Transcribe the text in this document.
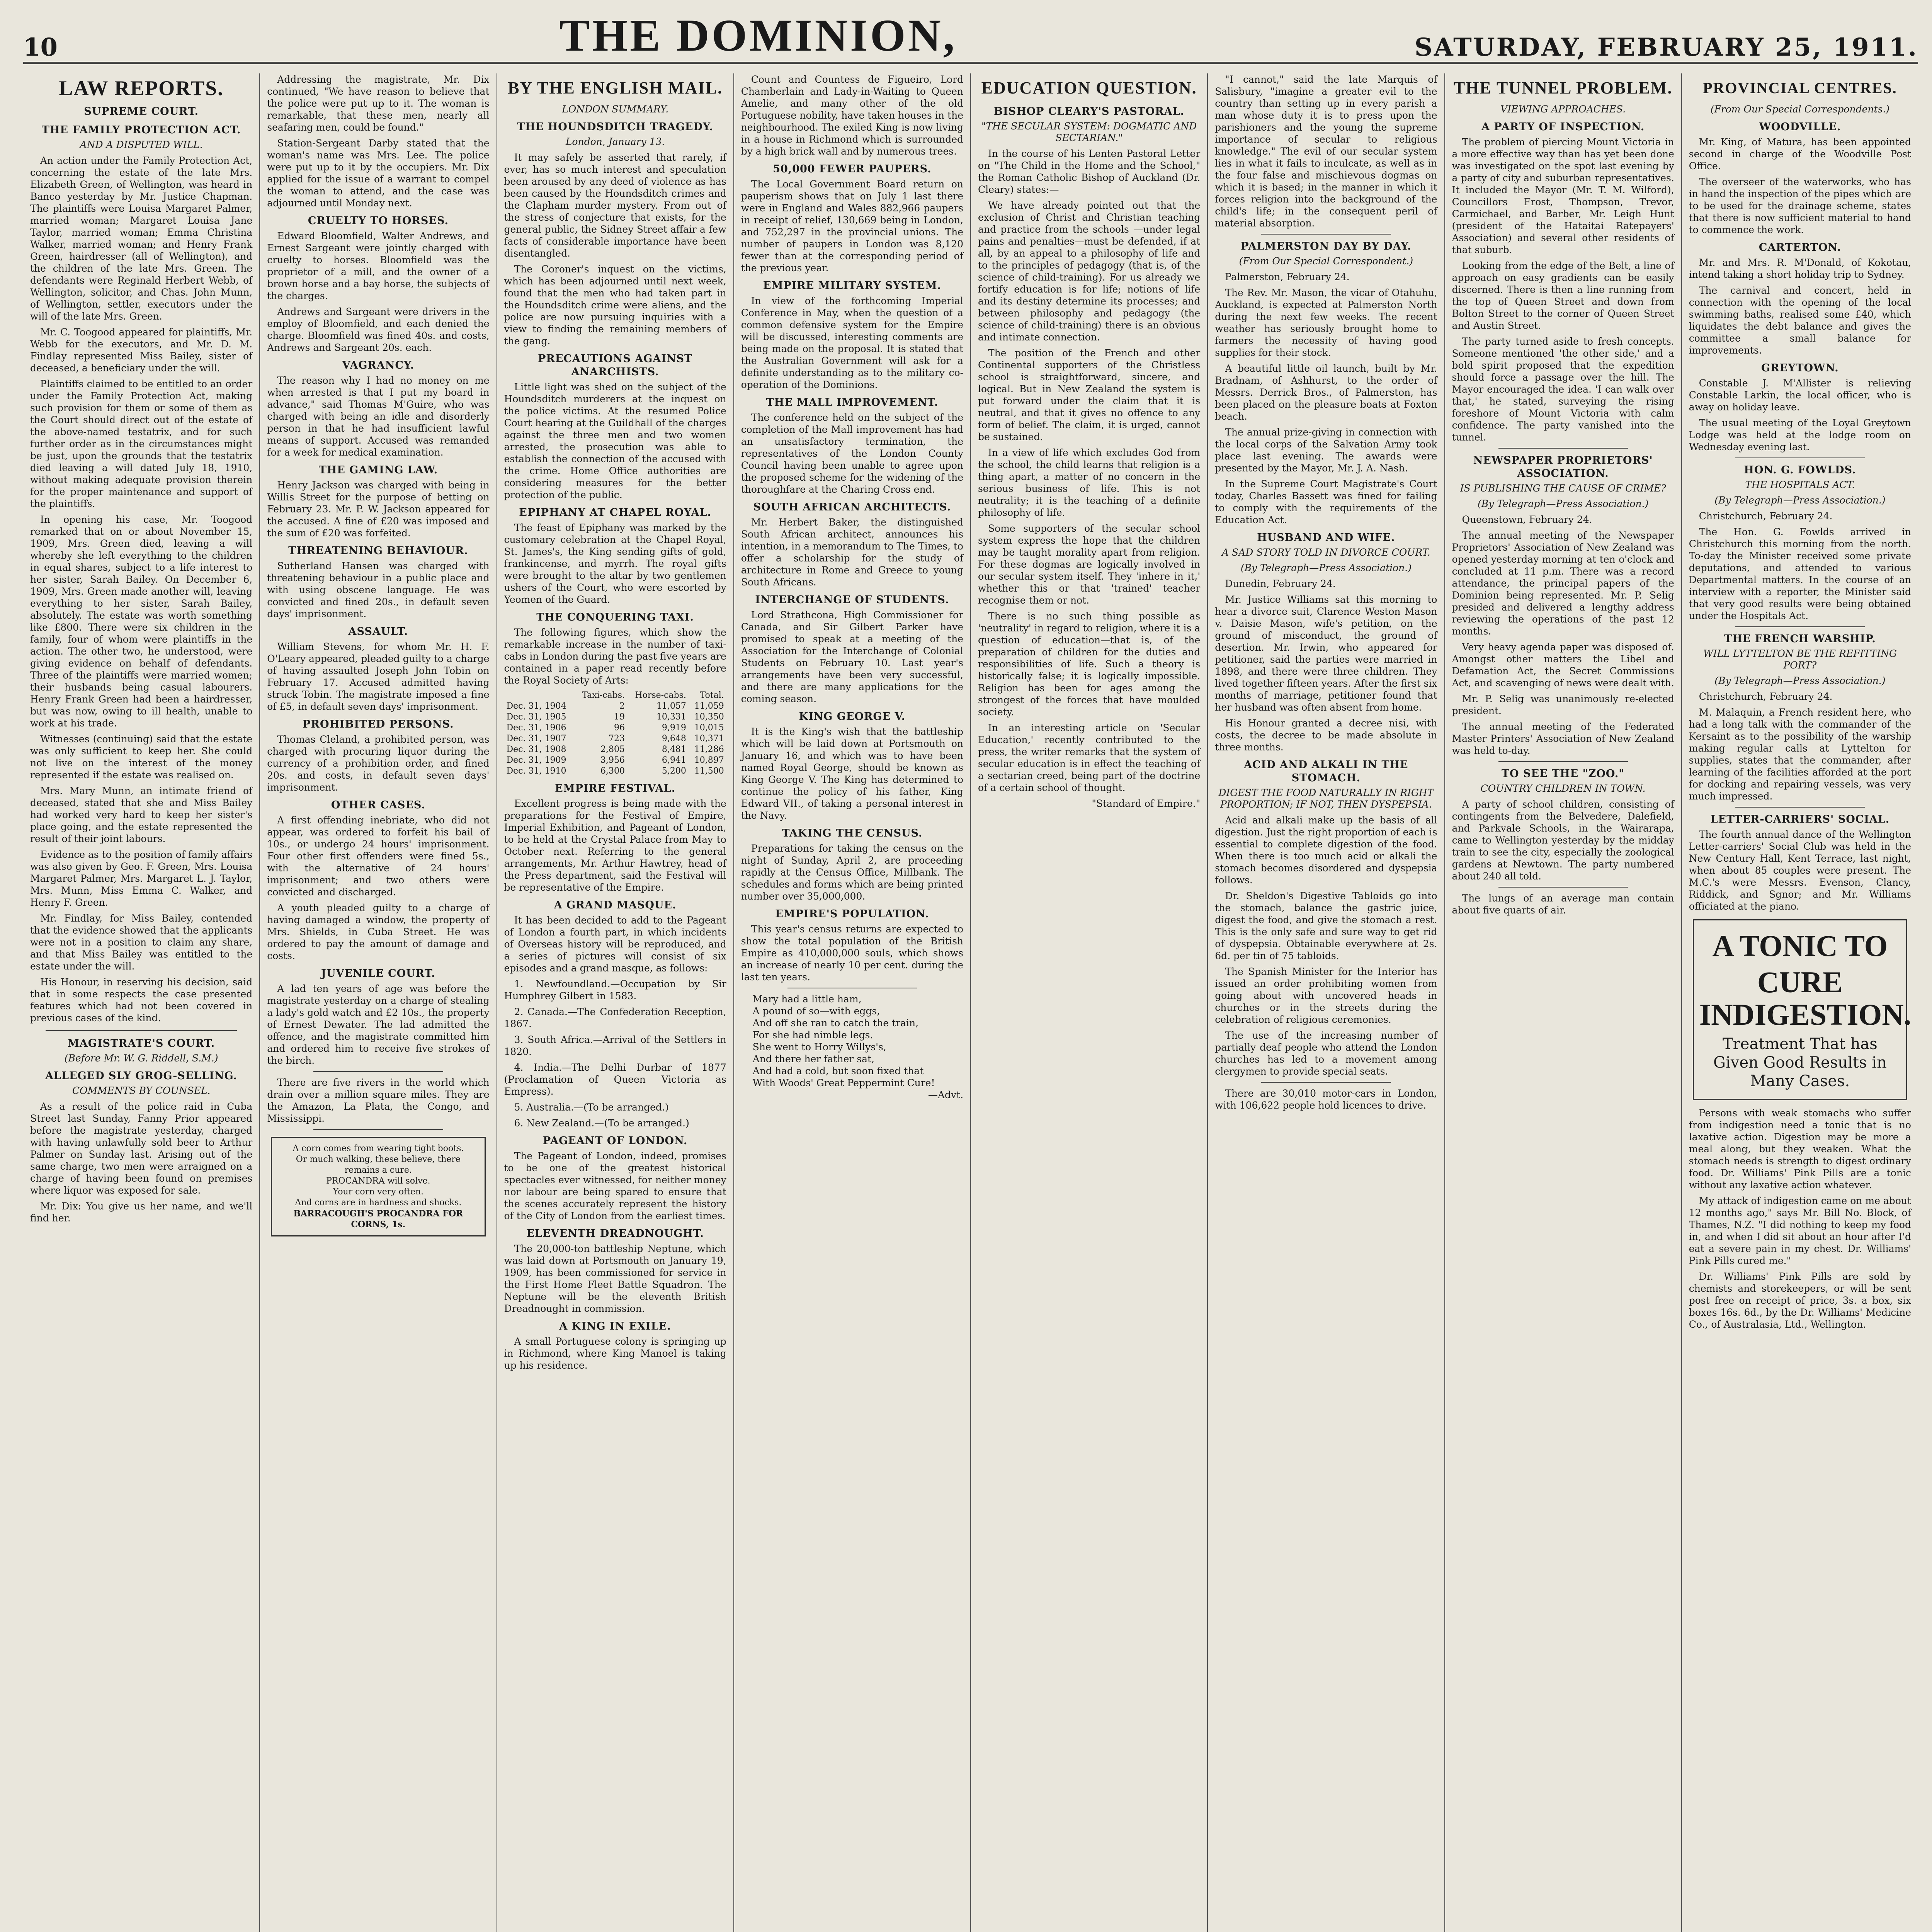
10	THE DOMINION,	SATURDAY, FEBRUARY 25, 1911.
LAW REPORTS.
SUPREME COURT.
THE FAMILY PROTECTION ACT.
AND A DISPUTED WILL.

An action under the Family Protection Act, concerning the estate of the late Mrs. Elizabeth Green, of Wellington, was heard in Banco yesterday by Mr. Justice Chapman. The plaintiffs were Louisa Margaret Palmer, married woman; Margaret Louisa Jane Taylor, married woman; Emma Christina Walker, married woman; and Henry Frank Green, hairdresser (all of Wellington), and the children of the late Mrs. Green. The defendants were Reginald Herbert Webb, of Wellington, solicitor, and Chas. John Munn, of Wellington, settler, executors under the will of the late Mrs. Green.

Mr. C. Toogood appeared for plaintiffs, Mr. Webb for the executors, and Mr. D. M. Findlay represented Miss Bailey, sister of deceased, a beneficiary under the will.

Plaintiffs claimed to be entitled to an order under the Family Protection Act, making such provision for them or some of them as the Court should direct out of the estate of the above-named testatrix, and for such further order as in the circumstances might be just, upon the grounds that the testatrix died leaving a will dated July 18, 1910, without making adequate provision therein for the proper maintenance and support of the plaintiffs.

In opening his case, Mr. Toogood remarked that on or about November 15, 1909, Mrs. Green died, leaving a will whereby she left everything to the children in equal shares, subject to a life interest to her sister, Sarah Bailey. On December 6, 1909, Mrs. Green made another will, leaving everything to her sister, Sarah Bailey, absolutely. The estate was worth something like £800. There were six children in the family, four of whom were plaintiffs in the action. The other two, he understood, were giving evidence on behalf of defendants. Three of the plaintiffs were married women; their husbands being casual labourers. Henry Frank Green had been a hairdresser, but was now, owing to ill health, unable to work at his trade.

Witnesses (continuing) said that the estate was only sufficient to keep her. She could not live on the interest of the money represented if the estate was realised on.

Mrs. Mary Munn, an intimate friend of deceased, stated that she and Miss Bailey had worked very hard to keep her sister's place going, and the estate represented the result of their joint labours.

Evidence as to the position of family affairs was also given by Geo. F. Green, Mrs. Louisa Margaret Palmer, Mrs. Margaret L. J. Taylor, Mrs. Munn, Miss Emma C. Walker, and Henry F. Green.

Mr. Findlay, for Miss Bailey, contended that the evidence showed that the applicants were not in a position to claim any share, and that Miss Bailey was entitled to the estate under the will.

His Honour, in reserving his decision, said that in some respects the case presented features which had not been covered in previous cases of the kind.

MAGISTRATE'S COURT.
(Before Mr. W. G. Riddell, S.M.)
ALLEGED SLY GROG-SELLING.
COMMENTS BY COUNSEL.

As a result of the police raid in Cuba Street last Sunday, Fanny Prior appeared before the magistrate yesterday, charged with having unlawfully sold beer to Arthur Palmer on Sunday last. Arising out of the same charge, two men were arraigned on a charge of having been found on premises where liquor was exposed for sale.

Mr. Dix: You give us her name, and we'll find her.

Addressing the magistrate, Mr. Dix continued, "We have reason to believe that the police were put up to it. The woman is remarkable, that these men, nearly all seafaring men, could be found."

Station-Sergeant Darby stated that the woman's name was Mrs. Lee. The police were put up to it by the occupiers. Mr. Dix applied for the issue of a warrant to compel the woman to attend, and the case was adjourned until Monday next.

CRUELTY TO HORSES.

Edward Bloomfield, Walter Andrews, and Ernest Sargeant were jointly charged with cruelty to horses. Bloomfield was the proprietor of a mill, and the owner of a brown horse and a bay horse, the subjects of the charges.

Andrews and Sargeant were drivers in the employ of Bloomfield, and each denied the charge. Bloomfield was fined 40s. and costs, Andrews and Sargeant 20s. each.

VAGRANCY.

The reason why I had no money on me when arrested is that I put my board in advance," said Thomas M'Guire, who was charged with being an idle and disorderly person in that he had insufficient lawful means of support. Accused was remanded for a week for medical examination.

THE GAMING LAW.

Henry Jackson was charged with being in Willis Street for the purpose of betting on February 23. Mr. P. W. Jackson appeared for the accused. A fine of £20 was imposed and the sum of £20 was forfeited.

THREATENING BEHAVIOUR.

Sutherland Hansen was charged with threatening behaviour in a public place and with using obscene language. He was convicted and fined 20s., in default seven days' imprisonment.

ASSAULT.

William Stevens, for whom Mr. H. F. O'Leary appeared, pleaded guilty to a charge of having assaulted Joseph John Tobin on February 17. Accused admitted having struck Tobin. The magistrate imposed a fine of £5, in default seven days' imprisonment.

PROHIBITED PERSONS.

Thomas Cleland, a prohibited person, was charged with procuring liquor during the currency of a prohibition order, and fined 20s. and costs, in default seven days' imprisonment.

OTHER CASES.

A first offending inebriate, who did not appear, was ordered to forfeit his bail of 10s., or undergo 24 hours' imprisonment. Four other first offenders were fined 5s., with the alternative of 24 hours' imprisonment; and two others were convicted and discharged.

A youth pleaded guilty to a charge of having damaged a window, the property of Mrs. Shields, in Cuba Street. He was ordered to pay the amount of damage and costs.

JUVENILE COURT.

A lad ten years of age was before the magistrate yesterday on a charge of stealing a lady's gold watch and £2 10s., the property of Ernest Dewater. The lad admitted the offence, and the magistrate committed him and ordered him to receive five strokes of the birch.

There are five rivers in the world which drain over a million square miles. They are the Amazon, La Plata, the Congo, and Mississippi.

A corn comes from wearing tight boots.
Or much walking, these believe, there remains a cure.
PROCANDRA will solve.
Your corn very often.
And corns are in hardness and shocks.
BARRACOUGH'S PROCANDRA FOR CORNS, 1s.
BY THE ENGLISH MAIL.
LONDON SUMMARY.
THE HOUNDSDITCH TRAGEDY.
London, January 13.

It may safely be asserted that rarely, if ever, has so much interest and speculation been aroused by any deed of violence as has been caused by the Houndsditch crimes and the Clapham murder mystery. From out of the stress of conjecture that exists, for the general public, the Sidney Street affair a few facts of considerable importance have been disentangled.

The Coroner's inquest on the victims, which has been adjourned until next week, found that the men who had taken part in the Houndsditch crime were aliens, and the police are now pursuing inquiries with a view to finding the remaining members of the gang.

PRECAUTIONS AGAINST ANARCHISTS.

Little light was shed on the subject of the Houndsditch murderers at the inquest on the police victims. At the resumed Police Court hearing at the Guildhall of the charges against the three men and two women arrested, the prosecution was able to establish the connection of the accused with the crime. Home Office authorities are considering measures for the better protection of the public.

EPIPHANY AT CHAPEL ROYAL.

The feast of Epiphany was marked by the customary celebration at the Chapel Royal, St. James's, the King sending gifts of gold, frankincense, and myrrh. The royal gifts were brought to the altar by two gentlemen ushers of the Court, who were escorted by Yeomen of the Guard.

THE CONQUERING TAXI.

The following figures, which show the remarkable increase in the number of taxi-cabs in London during the past five years are contained in a paper read recently before the Royal Society of Arts:

	Taxi-cabs.	Horse-cabs.	Total.
Dec. 31, 1904	2	11,057	11,059
Dec. 31, 1905	19	10,331	10,350
Dec. 31, 1906	96	9,919	10,015
Dec. 31, 1907	723	9,648	10,371
Dec. 31, 1908	2,805	8,481	11,286
Dec. 31, 1909	3,956	6,941	10,897
Dec. 31, 1910	6,300	5,200	11,500
EMPIRE FESTIVAL.

Excellent progress is being made with the preparations for the Festival of Empire, Imperial Exhibition, and Pageant of London, to be held at the Crystal Palace from May to October next. Referring to the general arrangements, Mr. Arthur Hawtrey, head of the Press department, said the Festival will be representative of the Empire.

A GRAND MASQUE.

It has been decided to add to the Pageant of London a fourth part, in which incidents of Overseas history will be reproduced, and a series of pictures will consist of six episodes and a grand masque, as follows:

1. Newfoundland.—Occupation by Sir Humphrey Gilbert in 1583.

2. Canada.—The Confederation Reception, 1867.

3. South Africa.—Arrival of the Settlers in 1820.

4. India.—The Delhi Durbar of 1877 (Proclamation of Queen Victoria as Empress).

5. Australia.—(To be arranged.)

6. New Zealand.—(To be arranged.)

PAGEANT OF LONDON.

The Pageant of London, indeed, promises to be one of the greatest historical spectacles ever witnessed, for neither money nor labour are being spared to ensure that the scenes accurately represent the history of the City of London from the earliest times.

ELEVENTH DREADNOUGHT.

The 20,000-ton battleship Neptune, which was laid down at Portsmouth on January 19, 1909, has been commissioned for service in the First Home Fleet Battle Squadron. The Neptune will be the eleventh British Dreadnought in commission.

A KING IN EXILE.

A small Portuguese colony is springing up in Richmond, where King Manoel is taking up his residence.

Count and Countess de Figueiro, Lord Chamberlain and Lady-in-Waiting to Queen Amelie, and many other of the old Portuguese nobility, have taken houses in the neighbourhood. The exiled King is now living in a house in Richmond which is surrounded by a high brick wall and by numerous trees.

50,000 FEWER PAUPERS.

The Local Government Board return on pauperism shows that on July 1 last there were in England and Wales 882,966 paupers in receipt of relief, 130,669 being in London, and 752,297 in the provincial unions. The number of paupers in London was 8,120 fewer than at the corresponding period of the previous year.

EMPIRE MILITARY SYSTEM.

In view of the forthcoming Imperial Conference in May, when the question of a common defensive system for the Empire will be discussed, interesting comments are being made on the proposal. It is stated that the Australian Government will ask for a definite understanding as to the military co-operation of the Dominions.

THE MALL IMPROVEMENT.

The conference held on the subject of the completion of the Mall improvement has had an unsatisfactory termination, the representatives of the London County Council having been unable to agree upon the proposed scheme for the widening of the thoroughfare at the Charing Cross end.

SOUTH AFRICAN ARCHITECTS.

Mr. Herbert Baker, the distinguished South African architect, announces his intention, in a memorandum to The Times, to offer a scholarship for the study of architecture in Rome and Greece to young South Africans.

INTERCHANGE OF STUDENTS.

Lord Strathcona, High Commissioner for Canada, and Sir Gilbert Parker have promised to speak at a meeting of the Association for the Interchange of Colonial Students on February 10. Last year's arrangements have been very successful, and there are many applications for the coming season.

KING GEORGE V.

It is the King's wish that the battleship which will be laid down at Portsmouth on January 16, and which was to have been named Royal George, should be known as King George V. The King has determined to continue the policy of his father, King Edward VII., of taking a personal interest in the Navy.

TAKING THE CENSUS.

Preparations for taking the census on the night of Sunday, April 2, are proceeding rapidly at the Census Office, Millbank. The schedules and forms which are being printed number over 35,000,000.

EMPIRE'S POPULATION.

This year's census returns are expected to show the total population of the British Empire as 410,000,000 souls, which shows an increase of nearly 10 per cent. during the last ten years.

Mary had a little ham,
A pound of so—with eggs,
And off she ran to catch the train,
For she had nimble legs.
She went to Horry Willys's,
And there her father sat,
And had a cold, but soon fixed that
With Woods' Great Peppermint Cure!
—Advt.
EDUCATION QUESTION.
BISHOP CLEARY'S PASTORAL.
"THE SECULAR SYSTEM: DOGMATIC AND SECTARIAN."

In the course of his Lenten Pastoral Letter on "The Child in the Home and the School," the Roman Catholic Bishop of Auckland (Dr. Cleary) states:—

We have already pointed out that the exclusion of Christ and Christian teaching and practice from the schools —under legal pains and penalties—must be defended, if at all, by an appeal to a philosophy of life and to the principles of pedagogy (that is, of the science of child-training). For us already we fortify education is for life; notions of life and its destiny determine its processes; and between philosophy and pedagogy (the science of child-training) there is an obvious and intimate connection.

The position of the French and other Continental supporters of the Christless school is straightforward, sincere, and logical. But in New Zealand the system is put forward under the claim that it is neutral, and that it gives no offence to any form of belief. The claim, it is urged, cannot be sustained.

In a view of life which excludes God from the school, the child learns that religion is a thing apart, a matter of no concern in the serious business of life. This is not neutrality; it is the teaching of a definite philosophy of life.

Some supporters of the secular school system express the hope that the children may be taught morality apart from religion. For these dogmas are logically involved in our secular system itself. They 'inhere in it,' whether this or that 'trained' teacher recognise them or not.

There is no such thing possible as 'neutrality' in regard to religion, where it is a question of education—that is, of the preparation of children for the duties and responsibilities of life. Such a theory is historically false; it is logically impossible. Religion has been for ages among the strongest of the forces that have moulded society.

In an interesting article on 'Secular Education,' recently contributed to the press, the writer remarks that the system of secular education is in effect the teaching of a sectarian creed, being part of the doctrine of a certain school of thought.

"Standard of Empire."

"I cannot," said the late Marquis of Salisbury, "imagine a greater evil to the country than setting up in every parish a man whose duty it is to press upon the parishioners and the young the supreme importance of secular to religious knowledge." The evil of our secular system lies in what it fails to inculcate, as well as in the four false and mischievous dogmas on which it is based; in the manner in which it forces religion into the background of the child's life; in the consequent peril of material absorption.

PALMERSTON DAY BY DAY.
(From Our Special Correspondent.)

Palmerston, February 24.

The Rev. Mr. Mason, the vicar of Otahuhu, Auckland, is expected at Palmerston North during the next few weeks. The recent weather has seriously brought home to farmers the necessity of having good supplies for their stock.

A beautiful little oil launch, built by Mr. Bradnam, of Ashhurst, to the order of Messrs. Derrick Bros., of Palmerston, has been placed on the pleasure boats at Foxton beach.

The annual prize-giving in connection with the local corps of the Salvation Army took place last evening. The awards were presented by the Mayor, Mr. J. A. Nash.

In the Supreme Court Magistrate's Court today, Charles Bassett was fined for failing to comply with the requirements of the Education Act.

HUSBAND AND WIFE.
A SAD STORY TOLD IN DIVORCE COURT.
(By Telegraph—Press Association.)

Dunedin, February 24.

Mr. Justice Williams sat this morning to hear a divorce suit, Clarence Weston Mason v. Daisie Mason, wife's petition, on the ground of misconduct, the ground of desertion. Mr. Irwin, who appeared for petitioner, said the parties were married in 1898, and there were three children. They lived together fifteen years. After the first six months of marriage, petitioner found that her husband was often absent from home.

His Honour granted a decree nisi, with costs, the decree to be made absolute in three months.

ACID AND ALKALI IN THE STOMACH.
DIGEST THE FOOD NATURALLY IN RIGHT PROPORTION; IF NOT, THEN DYSPEPSIA.

Acid and alkali make up the basis of all digestion. Just the right proportion of each is essential to complete digestion of the food. When there is too much acid or alkali the stomach becomes disordered and dyspepsia follows.

Dr. Sheldon's Digestive Tabloids go into the stomach, balance the gastric juice, digest the food, and give the stomach a rest. This is the only safe and sure way to get rid of dyspepsia. Obtainable everywhere at 2s. 6d. per tin of 75 tabloids.

The Spanish Minister for the Interior has issued an order prohibiting women from going about with uncovered heads in churches or in the streets during the celebration of religious ceremonies.

The use of the increasing number of partially deaf people who attend the London churches has led to a movement among clergymen to provide special seats.

There are 30,010 motor-cars in London, with 106,622 people hold licences to drive.

THE TUNNEL PROBLEM.
VIEWING APPROACHES.
A PARTY OF INSPECTION.

The problem of piercing Mount Victoria in a more effective way than has yet been done was investigated on the spot last evening by a party of city and suburban representatives. It included the Mayor (Mr. T. M. Wilford), Councillors Frost, Thompson, Trevor, Carmichael, and Barber, Mr. Leigh Hunt (president of the Hataitai Ratepayers' Association) and several other residents of that suburb.

Looking from the edge of the Belt, a line of approach on easy gradients can be easily discerned. There is then a line running from the top of Queen Street and down from Bolton Street to the corner of Queen Street and Austin Street.

The party turned aside to fresh concepts. Someone mentioned 'the other side,' and a bold spirit proposed that the expedition should force a passage over the hill. The Mayor encouraged the idea. 'I can walk over that,' he stated, surveying the rising foreshore of Mount Victoria with calm confidence. The party vanished into the tunnel.

NEWSPAPER PROPRIETORS' ASSOCIATION.
IS PUBLISHING THE CAUSE OF CRIME?
(By Telegraph—Press Association.)

Queenstown, February 24.

The annual meeting of the Newspaper Proprietors' Association of New Zealand was opened yesterday morning at ten o'clock and concluded at 11 p.m. There was a record attendance, the principal papers of the Dominion being represented. Mr. P. Selig presided and delivered a lengthy address reviewing the operations of the past 12 months.

Very heavy agenda paper was disposed of. Amongst other matters the Libel and Defamation Act, the Secret Commissions Act, and scavenging of news were dealt with.

Mr. P. Selig was unanimously re-elected president.

The annual meeting of the Federated Master Printers' Association of New Zealand was held to-day.

TO SEE THE "ZOO."
COUNTRY CHILDREN IN TOWN.

A party of school children, consisting of contingents from the Belvedere, Dalefield, and Parkvale Schools, in the Wairarapa, came to Wellington yesterday by the midday train to see the city, especially the zoological gardens at Newtown. The party numbered about 240 all told.

The lungs of an average man contain about five quarts of air.

PROVINCIAL CENTRES.
(From Our Special Correspondents.)
WOODVILLE.

Mr. King, of Matura, has been appointed second in charge of the Woodville Post Office.

The overseer of the waterworks, who has in hand the inspection of the pipes which are to be used for the drainage scheme, states that there is now sufficient material to hand to commence the work.

CARTERTON.

Mr. and Mrs. R. M'Donald, of Kokotau, intend taking a short holiday trip to Sydney.

The carnival and concert, held in connection with the opening of the local swimming baths, realised some £40, which liquidates the debt balance and gives the committee a small balance for improvements.

GREYTOWN.

Constable J. M'Allister is relieving Constable Larkin, the local officer, who is away on holiday leave.

The usual meeting of the Loyal Greytown Lodge was held at the lodge room on Wednesday evening last.

HON. G. FOWLDS.
THE HOSPITALS ACT.
(By Telegraph—Press Association.)

Christchurch, February 24.

The Hon. G. Fowlds arrived in Christchurch this morning from the north. To-day the Minister received some private deputations, and attended to various Departmental matters. In the course of an interview with a reporter, the Minister said that very good results were being obtained under the Hospitals Act.

THE FRENCH WARSHIP.
WILL LYTTELTON BE THE REFITTING PORT?
(By Telegraph—Press Association.)

Christchurch, February 24.

M. Malaquin, a French resident here, who had a long talk with the commander of the Kersaint as to the possibility of the warship making regular calls at Lyttelton for supplies, states that the commander, after learning of the facilities afforded at the port for docking and repairing vessels, was very much impressed.

LETTER-CARRIERS' SOCIAL.

The fourth annual dance of the Wellington Letter-carriers' Social Club was held in the New Century Hall, Kent Terrace, last night, when about 85 couples were present. The M.C.'s were Messrs. Evenson, Clancy, Riddick, and Sgnor; and Mr. Williams officiated at the piano.

A TONIC TO
CURE INDIGESTION.
Treatment That has Given Good Results in Many Cases.

Persons with weak stomachs who suffer from indigestion need a tonic that is no laxative action. Digestion may be more a meal along, but they weaken. What the stomach needs is strength to digest ordinary food. Dr. Williams' Pink Pills are a tonic without any laxative action whatever.

My attack of indigestion came on me about 12 months ago," says Mr. Bill No. Block, of Thames, N.Z. "I did nothing to keep my food in, and when I did sit about an hour after I'd eat a severe pain in my chest. Dr. Williams' Pink Pills cured me."

Dr. Williams' Pink Pills are sold by chemists and storekeepers, or will be sent post free on receipt of price, 3s. a box, six boxes 16s. 6d., by the Dr. Williams' Medicine Co., of Australasia, Ltd., Wellington.
